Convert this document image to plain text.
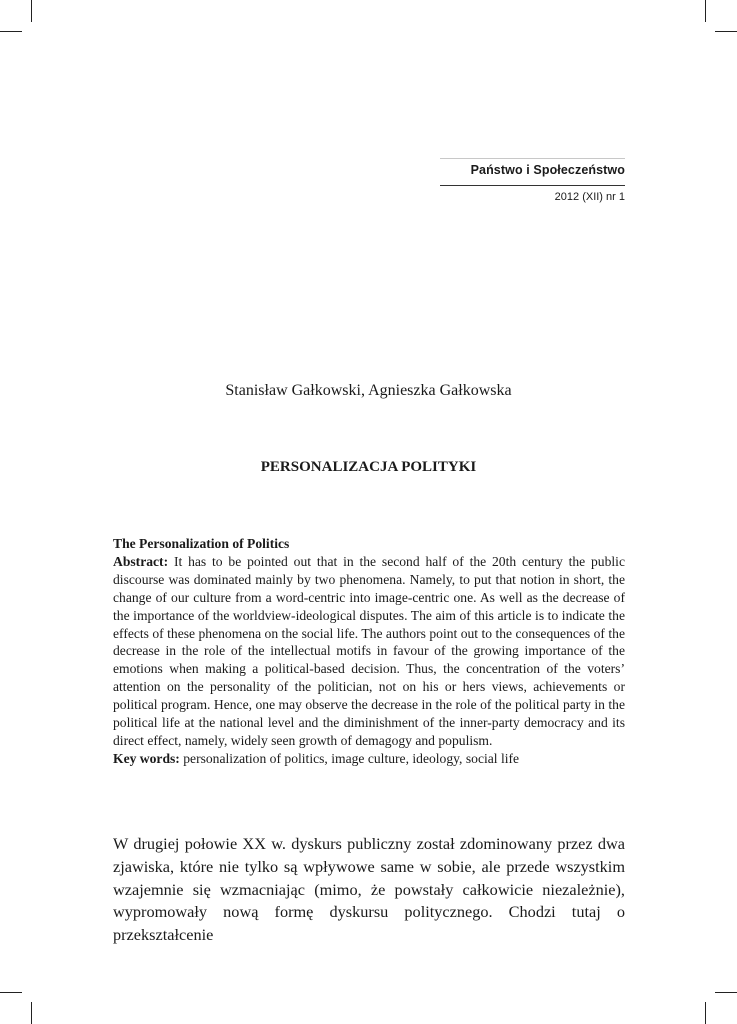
Państwo i Społeczeństwo
2012 (XII) nr 1
Stanisław Gałkowski, Agnieszka Gałkowska
PERSONALIZACJA POLITYKI

The Personalization of Politics

Abstract: It has to be pointed out that in the second half of the 20th century the public discourse was dominated mainly by two phenomena. Namely, to put that notion in short, the change of our culture from a word-centric into image-centric one. As well as the decrease of the importance of the worldview-ideological disputes. The aim of this article is to indicate the effects of these phenomena on the social life. The authors point out to the consequences of the decrease in the role of the intellectual motifs in favour of the growing importance of the emotions when making a political-based decision. Thus, the concentration of the voters’ attention on the personality of the politician, not on his or hers views, achievements or political program. Hence, one may observe the decrease in the role of the political party in the political life at the national level and the diminishment of the inner-party democracy and its direct effect, namely, widely seen growth of demagogy and populism.

Key words: personalization of politics, image culture, ideology, social life

W drugiej połowie XX w. dyskurs publiczny został zdominowany przez dwa zjawiska, które nie tylko są wpływowe same w sobie, ale przede wszystkim wzajemnie się wzmacniając (mimo, że powstały całkowicie niezależnie), wypromowały nową formę dyskursu politycznego. Chodzi tutaj o przekształcenie
